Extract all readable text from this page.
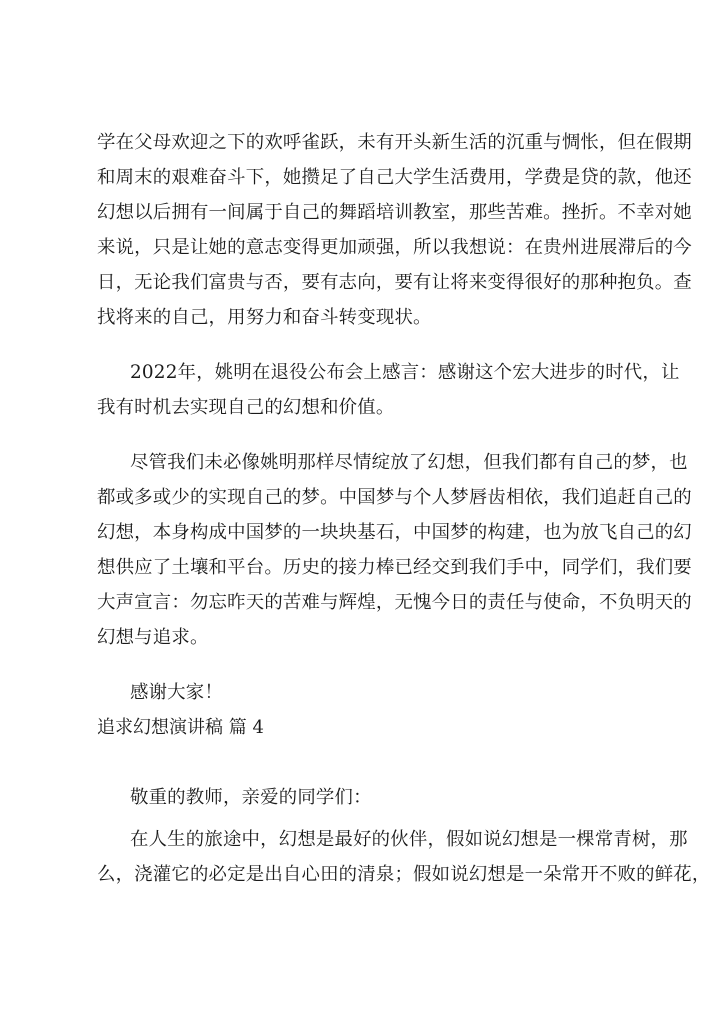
学在父母欢迎之下的欢呼雀跃，未有开头新生活的沉重与惆怅，但在假期
和周末的艰难奋斗下，她攒足了自己大学生活费用，学费是贷的款，他还
幻想以后拥有一间属于自己的舞蹈培训教室，那些苦难。挫折。不幸对她
来说，只是让她的意志变得更加顽强，所以我想说：在贵州进展滞后的今
日，无论我们富贵与否，要有志向，要有让将来变得很好的那种抱负。查
找将来的自己，用努力和奋斗转变现状。
2022年，姚明在退役公布会上感言：感谢这个宏大进步的时代，让
我有时机去实现自己的幻想和价值。
尽管我们未必像姚明那样尽情绽放了幻想，但我们都有自己的梦，也
都或多或少的实现自己的梦。中国梦与个人梦唇齿相依，我们追赶自己的
幻想，本身构成中国梦的一块块基石，中国梦的构建，也为放飞自己的幻
想供应了土壤和平台。历史的接力棒已经交到我们手中，同学们，我们要
大声宣言：勿忘昨天的苦难与辉煌，无愧今日的责任与使命，不负明天的
幻想与追求。
感谢大家！
追求幻想演讲稿 篇 4
敬重的教师，亲爱的同学们：
在人生的旅途中，幻想是最好的伙伴，假如说幻想是一棵常青树，那
么，浇灌它的必定是出自心田的清泉；假如说幻想是一朵常开不败的鲜花，
